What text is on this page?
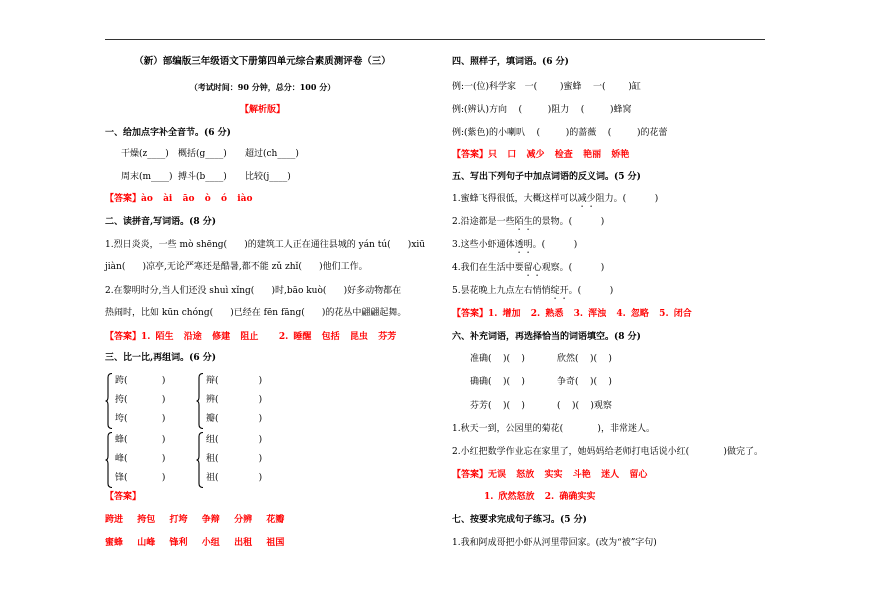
（新）部编版三年级语文下册第四单元综合素质测评卷（三）
（考试时间：90 分钟，总分：100 分）
【解析版】
一、给加点字补全音节。(6 分)
干燥(z____) 概括(g____) 超过(ch____)
周末(m____) 搏斗(b____) 比较(j____)
【答案】ào  ài  āo  ò  ó  iào
二、读拼音,写词语。(8 分)
1.烈日炎炎，一些 mò shēng(      )的建筑工人正在通往县城的 yán tú(      )xiū
jiàn(      )凉亭,无论严寒还是酷暑,都不能 zǔ zhǐ(      )他们工作。
2.在黎明时分,当人们还没 shuì xǐng(      )时,bāo kuò(      )好多动物都在
热闹时，比如 kūn chóng(      )已经在 fēn fāng(      )的花丛中翩翩起舞。
【答案】1. 陌生  沿途  修建  阻止    2. 睡醒  包括  昆虫  芬芳
三、比一比,再组词。(6 分)
跨(            )
挎(            )
垮(            )
辩(              )
辨(              )
瓣(              )
蜂(            )
峰(            )
锋(            )
组(              )
租(              )
祖(              )
【答案】
跨进  挎包  打垮  争辩  分辨  花瓣
蜜蜂  山峰  锋利  小组  出租  祖国
四、照样子，填词语。(6 分)
例:一(位)科学家   一(        )蜜蜂    一(        )缸
例:(辨认)方向    (         )阻力    (         )蜂窝
例:(紫色)的小喇叭    (         )的蔷薇    (         )的花蕾
【答案】只  口  减少  检查  艳丽  娇艳
五、写出下列句子中加点词语的反义词。(5 分)
1.蜜蜂飞得很低，大概这样可以减少阻力。(          )
2.沿途都是一些陌生的景物。(          )
3.这些小虾通体透明。(          )
4.我们在生活中要留心观察。(          )
5.昙花晚上九点左右悄悄绽开。(          )
【答案】1. 增加  2. 熟悉  3. 浑浊  4. 忽略  5. 闭合
六、补充词语，再选择恰当的词语填空。(8 分)
准确(    )(    )	欣然(    )(    )
确确(    )(    )	争奇(    )(    )
芬芳(    )(    )	(    )(    )观察
1.秋天一到，公园里的菊花(            )，非常迷人。
2.小红把数学作业忘在家里了，她妈妈给老师打电话说小红(            )做完了。
【答案】无误  怒放  实实  斗艳  迷人  留心
1. 欣然怒放  2. 确确实实
七、按要求完成句子练习。(5 分)
1.我和阿成哥把小虾从河里带回家。(改为“被”字句)
